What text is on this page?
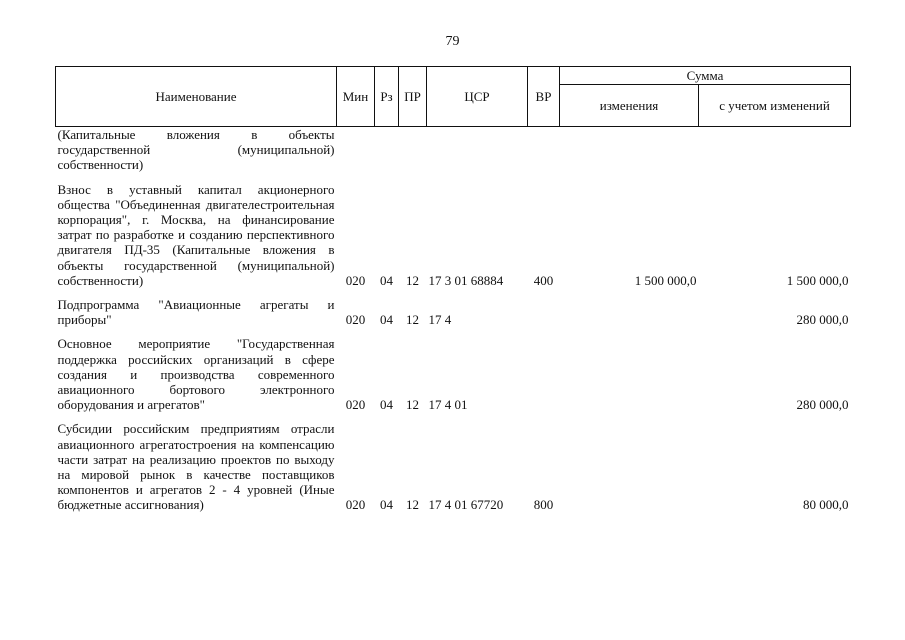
79
Наименование	Мин	Рз	ПР	ЦСР	ВР	Сумма	
						изменения	с учетом изменений
(Капитальные вложения в объекты государственной (муниципальной) собственности)							

Взнос в уставный капитал акционерного общества "Объединенная двигателестроительная корпорация", г. Москва, на финансирование затрат по разработке и созданию перспективного двигателя ПД-35 (Капитальные вложения в объекты государственной (муниципальной) собственности)	020	04	12	17 3 01 68884	400	1 500 000,0	1 500 000,0

Подпрограмма "Авиационные агрегаты и приборы"	020	04	12	17 4			280 000,0

Основное мероприятие "Государственная поддержка российских организаций в сфере создания и производства современного авиационного бортового электронного оборудования и агрегатов"	020	04	12	17 4 01			280 000,0

Субсидии российским предприятиям отрасли авиационного агрегатостроения на компенсацию части затрат на реализацию проектов по выходу на мировой рынок в качестве поставщиков компонентов и агрегатов 2 - 4 уровней (Иные бюджетные ассигнования)	020	04	12	17 4 01 67720	800		80 000,0
